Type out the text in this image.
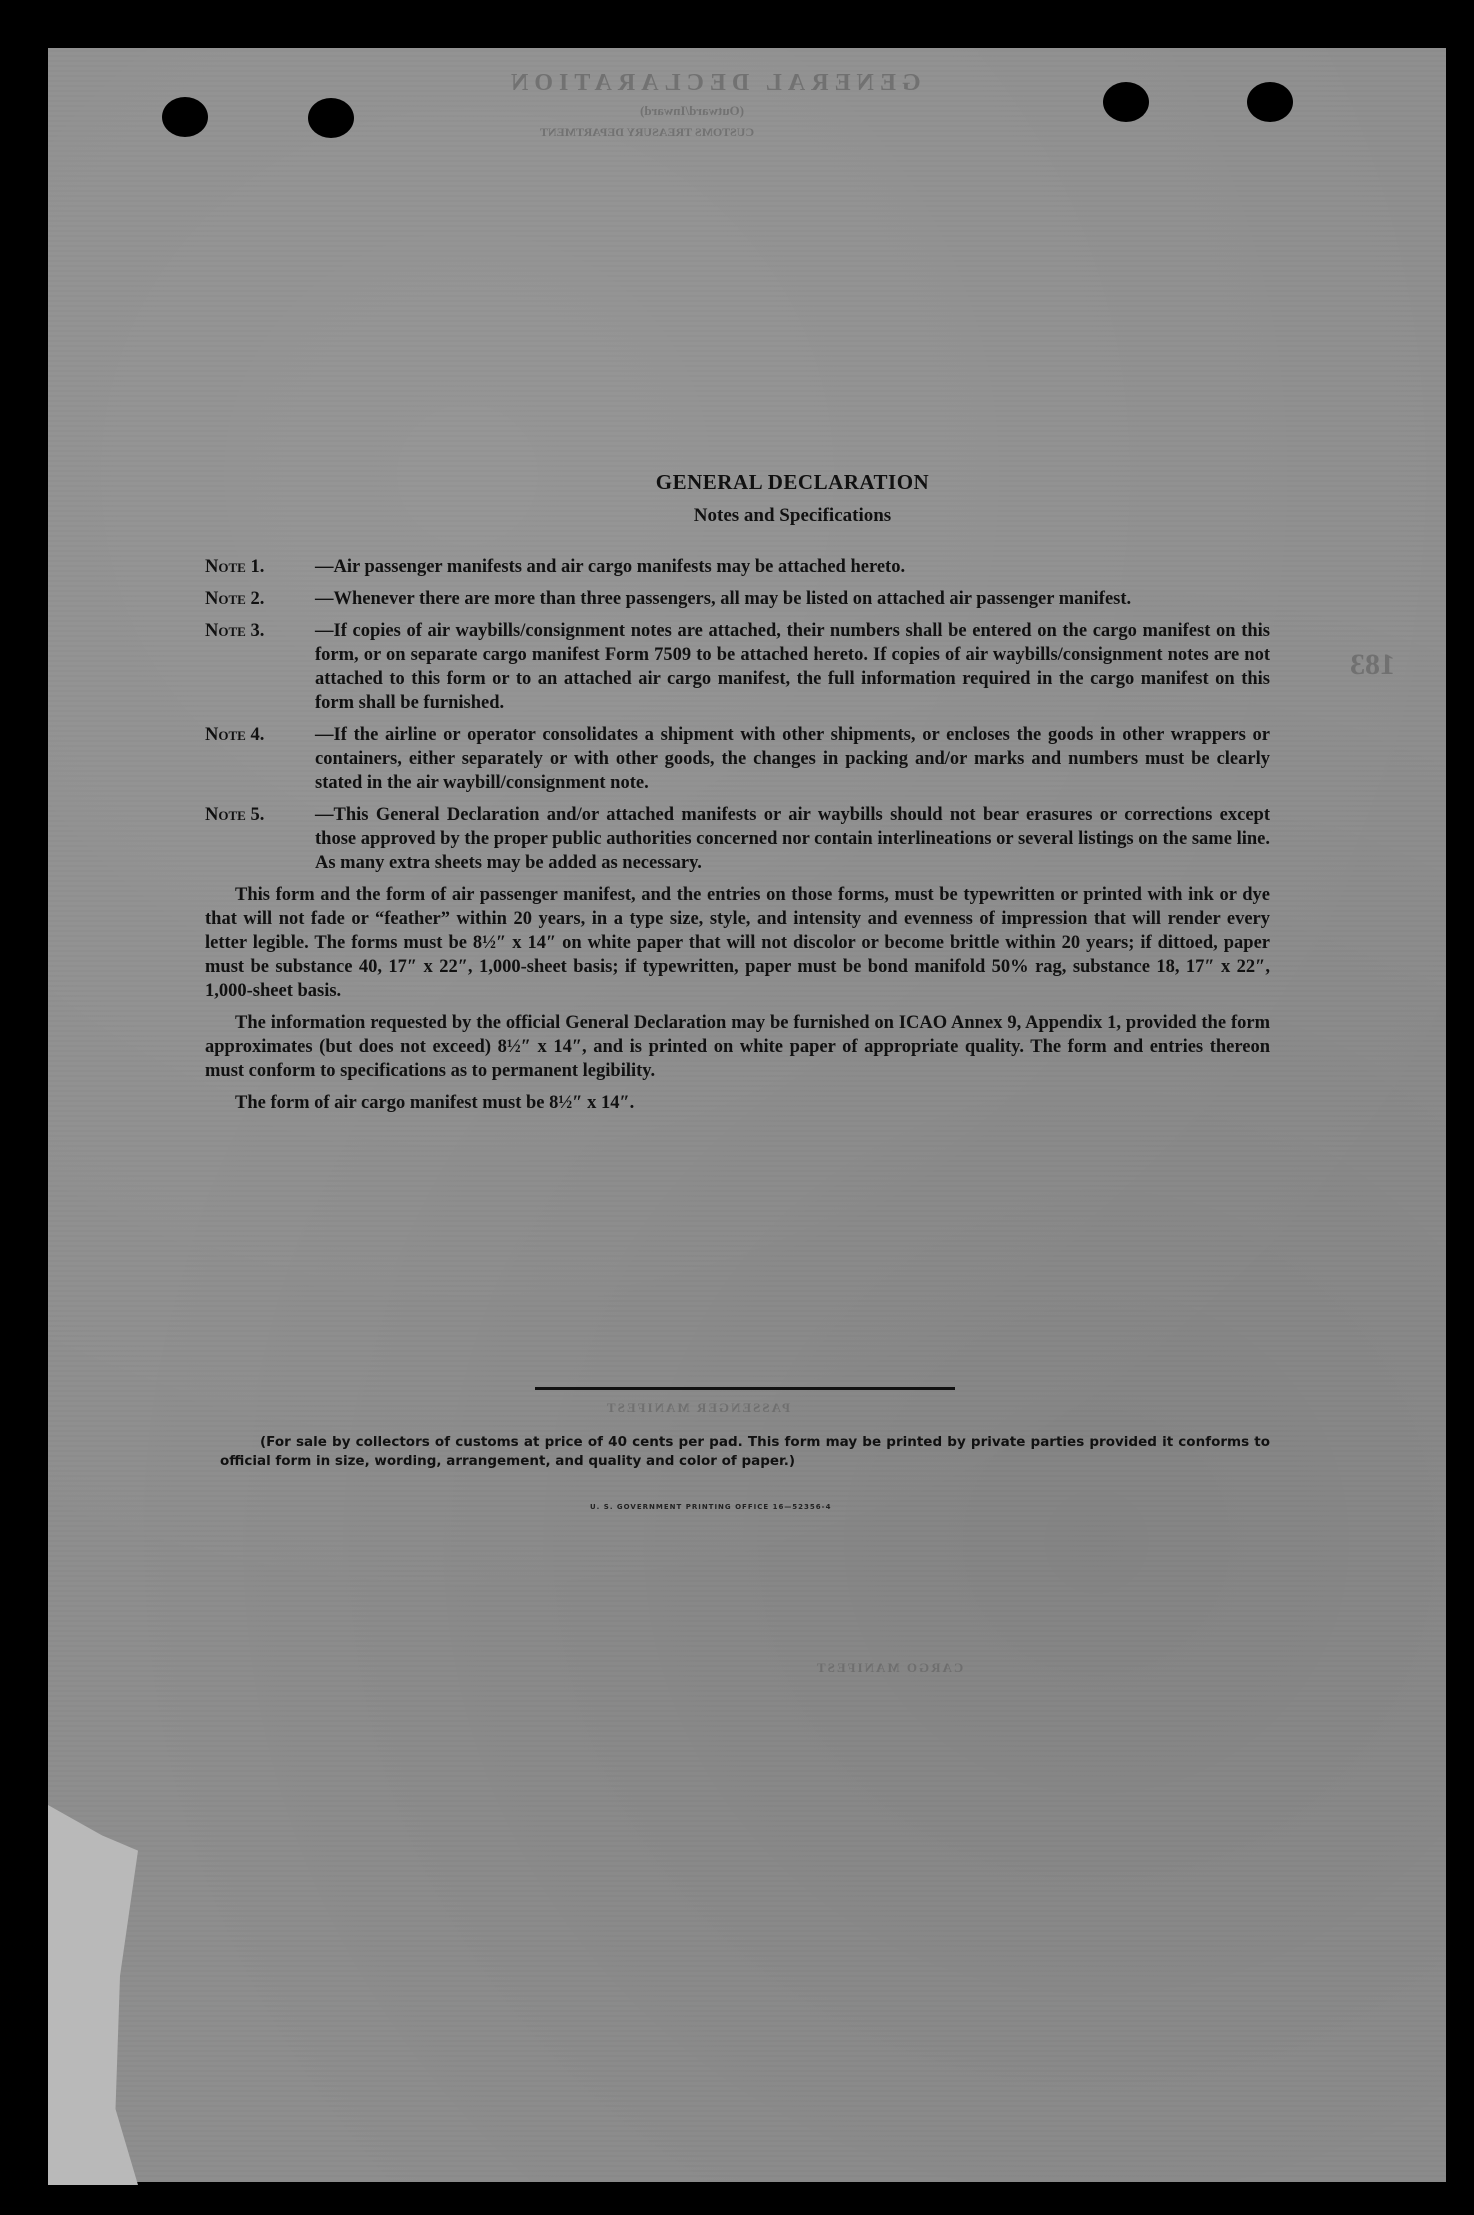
GENERAL DECLARATION
(Outward/Inward)
CUSTOMS TREASURY DEPARTMENT
183
PASSENGER MANIFEST
CARGO MANIFEST
GENERAL DECLARATION
Notes and Specifications
Note 1.	—Air passenger manifests and air cargo manifests may be attached hereto.
Note 2.	—Whenever there are more than three passengers, all may be listed on attached air passenger manifest.
Note 3.	—If copies of air waybills/consignment notes are attached, their numbers shall be entered on the cargo manifest on this form, or on separate cargo manifest Form 7509 to be attached hereto. If copies of air waybills/consignment notes are not attached to this form or to an attached air cargo manifest, the full information required in the cargo manifest on this form shall be furnished.
Note 4.	—If the airline or operator consolidates a shipment with other shipments, or encloses the goods in other wrappers or containers, either separately or with other goods, the changes in packing and/or marks and numbers must be clearly stated in the air waybill/consignment note.
Note 5.	—This General Declaration and/or attached manifests or air waybills should not bear erasures or corrections except those approved by the proper public authorities concerned nor contain interlineations or several listings on the same line. As many extra sheets may be added as necessary.

This form and the form of air passenger manifest, and the entries on those forms, must be typewritten or printed with ink or dye that will not fade or “feather” within 20 years, in a type size, style, and intensity and evenness of impression that will render every letter legible. The forms must be 8½″ x 14″ on white paper that will not discolor or become brittle within 20 years; if dittoed, paper must be substance 40, 17″ x 22″, 1,000-sheet basis; if typewritten, paper must be bond manifold 50% rag, substance 18, 17″ x 22″, 1,000-sheet basis.

The information requested by the official General Declaration may be furnished on ICAO Annex 9, Appendix 1, provided the form approximates (but does not exceed) 8½″ x 14″, and is printed on white paper of appropriate quality. The form and entries thereon must conform to specifications as to permanent legibility.

The form of air cargo manifest must be 8½″ x 14″.

(For sale by collectors of customs at price of 40 cents per pad. This form may be printed by private parties provided it conforms to official form in size, wording, arrangement, and quality and color of paper.)
U. S. GOVERNMENT PRINTING OFFICE 16—52356-4
